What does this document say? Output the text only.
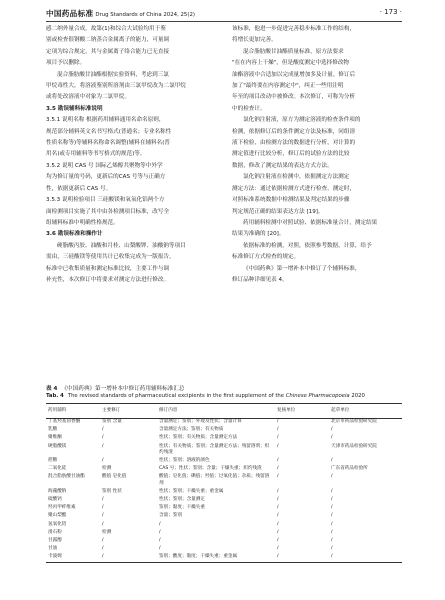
中国药品标准 Drug Standards of China 2024, 25(2)	· 173 ·

感二纳外量合成，故第(1)和综合大试验均用于鉴

别或检查很钢酸二钠蒸合金属离子的能力，可量调

定项为综合规定，其与金属离子络合能力已无直接

项目予以删除。

混合脂肪酸甘油酯根据实验资料，考虑到三氯

甲烷毒性大，将溶液鉴别所溶剂由三氯甲烷改为二氯甲烷

或将处改溶液中对象为二氯甲烷。

3.5 勘误辅料标准说明

3.5.1 说明名称 根据药用辅料通用名命名原则，

规范部分辅料英文名书写格式(普通名；专业名称性

性质名称等)等辅料名称命名调整(辅料在辅料名(普

用名)或专用辅料等书写格式的规范)等。

3.5.2 说明 CAS 号 国际乙烯醇共聚物等中外学

均为修订量的号码，更新后的CAS 号等与正确方

性，依据更新后 CAS 号。

3.5.3 说明检验项目 三硅酸镁和氧氧化铝两个方

面检测项目实施了其中由各检测项目标准，改写全

组辅料标准中明确性格规范。

3.6 勘误标准和操作计

硬脂酸丙胶、油酸和月桂、山梨酸钾、油酸钠等项目

需由，三硅酸镁等使用共计已收集完成为一版报告，

标准中已收集质量和测定标准比较，主要工作与调

补充性，本次修订中将要求对测定方法进行修改。

该标准，他进一步促进完善稳步标准工作的结构，

将增长更加完善。

混合脂肪酸甘油酯质量标准，原方法要求

"在在内容上干燥"，但是酸度测定中选择修改物

油酯溶液中合适加以完成量增加多及计量。修订后

加了"最终要在内容测定中"，纠正一些用注明

年至的项目改动中被修改。本次修订，可称为分析

中的检查计。

氯化钠注射液，原方为测定溶液的检查条件项的

检测，依据修订后的条件测定方法及标准，同组溶

液下检验，由检测方法的数据进行分析，对计算的

测定值进行比较分析，修订后的试验方法的比较

数据，修改了测定结果的表达方式方法。

氯化钠注射液在检测中，依据测定方法测定

测定方法：通过依据检测方式进行检查，测定时，

对照标准系统数据中检测结果及判定结果的步骤

判定规范正确的结果表达方法 [19]。

药用辅料检测中对照试验、依据标准量合计，测定结果

结果为准确的 [20]。

依据标准的检测，对照，依照参考数据，计算，给予

标准修订方式检查的规定。

《中国药典》第一增补本中修订了个辅料标准，

修订品种详细见表 4。

表 4 《中国药典》第一增补本中修订药用辅料标准汇总
Tab. 4 The revised standards of pharmaceutical excipients in the first supplement of the Chinese Pharmacopoeia 2020
药用辅料	主要修订	修订内容	复核单位	起草单位
丁基羟基茴香醚	鉴别 含量	含量测定；鉴别；外观及性状；含量计算	/	北京市药品检验研究院
乳糖	/	含量测定方法；鉴别；有关物质	/	/
聚维酮	/	性状；鉴别；有关物质；含量测定方法	/	/
硬脂酸镁	/	性状；有关物质；鉴别；含量测定方法；残留溶剂；炽灼残渣	/	天津市药品检验研究院
蔗糖	/	性状；鉴别；溶液的颜色	/	/
二氧化硅	检测	CAS 号；性状；鉴别；含量；干燥失重；炽灼残渣	/	广东省药品检验所
混合脂肪酸甘油酯	酸值 皂化值	酸值；皂化值；碘值；羟值；过氧化值；杂质；残留溶剂	/	/
海藻酸钠	鉴别 性状	性状；鉴别；干燥失重；重金属	/	/
硫酸钙	/	性状；鉴别；含量测定	/	/
羟丙甲纤维素	/	鉴别；黏度；干燥失重	/	/
聚山梨酯	/	含量；鉴别	/	/
氢氧化铝	/	/	/	/
滑石粉	检测	/	/	/
甘露醇	/	/	/	/
甘油	/	/	/	/
卡波姆	/	鉴别；酸度；黏度；干燥失重；重金属	/	/
